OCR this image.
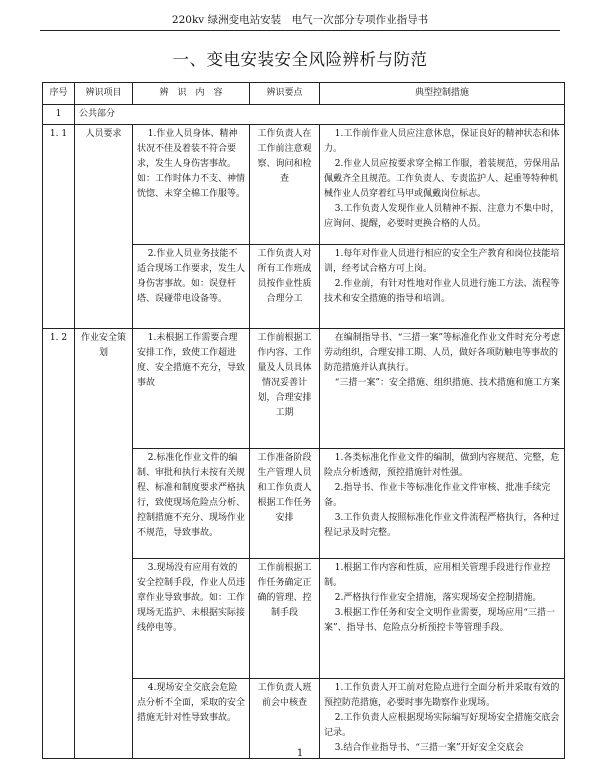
220kv 绿洲变电站安装　电气一次部分专项作业指导书
一、变电安装安全风险辨析与防范
序号	辨识项目	辨　识　内　容	辨识要点	典型控制措施
1	公共部分			
1. 1	人员要求	1.作业人员身体、精神状况不佳及着装不符合要求，发生人身伤害事故。如：工作时体力不支、神情恍惚、未穿全棉工作服等。	工作负责人在工作前注意观察、询问和检查	1.工作前作业人员应注意休息，保证良好的精神状态和体力。

2.作业人员应按要求穿全棉工作服，着装规范，劳保用品佩戴齐全且规范。工作负责人、专责监护人、起重等特种机械作业人员穿着红马甲或佩戴岗位标志。

3.工作负责人发现作业人员精神不振、注意力不集中时，应询问、提醒，必要时更换合格的人员。

		2.作业人员业务技能不适合现场工作要求，发生人身伤害事故。如：误登杆塔、误碰带电设备等。	工作负责人对所有工作班成员按作业性质合理分工	1.每年对作业人员进行相应的安全生产教育和岗位技能培训，经考试合格方可上岗。

2.作业前，有针对性地对作业人员进行施工方法、流程等技术和安全措施的指导和培训。

1. 2	作业安全策划	1.未根据工作需要合理安排工作，致使工作超进度、安全措施不充分，导致事故	工作前根据工作内容、工作量及人员具体情况妥善计划，合理安排工期	在编制指导书、“三措一案”等标准化作业文件时充分考虑劳动组织，合理安排工期、人员，做好各项防触电等事故的防范措施并认真执行。

“三措一案”：安全措施、组织措施、技术措施和施工方案

		2.标准化作业文件的编制、审批和执行未按有关规程、标准和制度要求严格执行，致使现场危险点分析、控制措施不充分、现场作业不规范，导致事故。	工作准备阶段生产管理人员和工作负责人根据工作任务安排	1.各类标准化作业文件的编制，做到内容规范、完整，危险点分析透彻，预控措施针对性强。

2.指导书、作业卡等标准化作业文件审核、批准手续完备。

3.工作负责人按照标准化作业文件流程严格执行，各种过程记录及时完整。

		3.现场没有应用有效的安全控制手段，作业人员违章作业导致事故。如：工作现场无监护、未根据实际接线停电等。	工作前根据工作任务确定正确的管理、控制手段	1.根据工作内容和性质，应用相关管理手段进行作业控制。

2.严格执行作业安全措施，落实现场安全控制措施。

3.根据工作任务和安全文明作业需要，现场应用“三措一案”、指导书、危险点分析预控卡等管理手段。

		4.现场安全交底会危险点分析不全面，采取的安全措施无针对性导致事故。	工作负责人班前会中核查	1.工作负责人开工前对危险点进行全面分析并采取有效的预控防范措施，必要时事先勘察作业现场。

2.工作负责人应根据现场实际编写好现场安全措施交底会记录。

3.结合作业指导书、“三措一案”开好安全交底会

1
